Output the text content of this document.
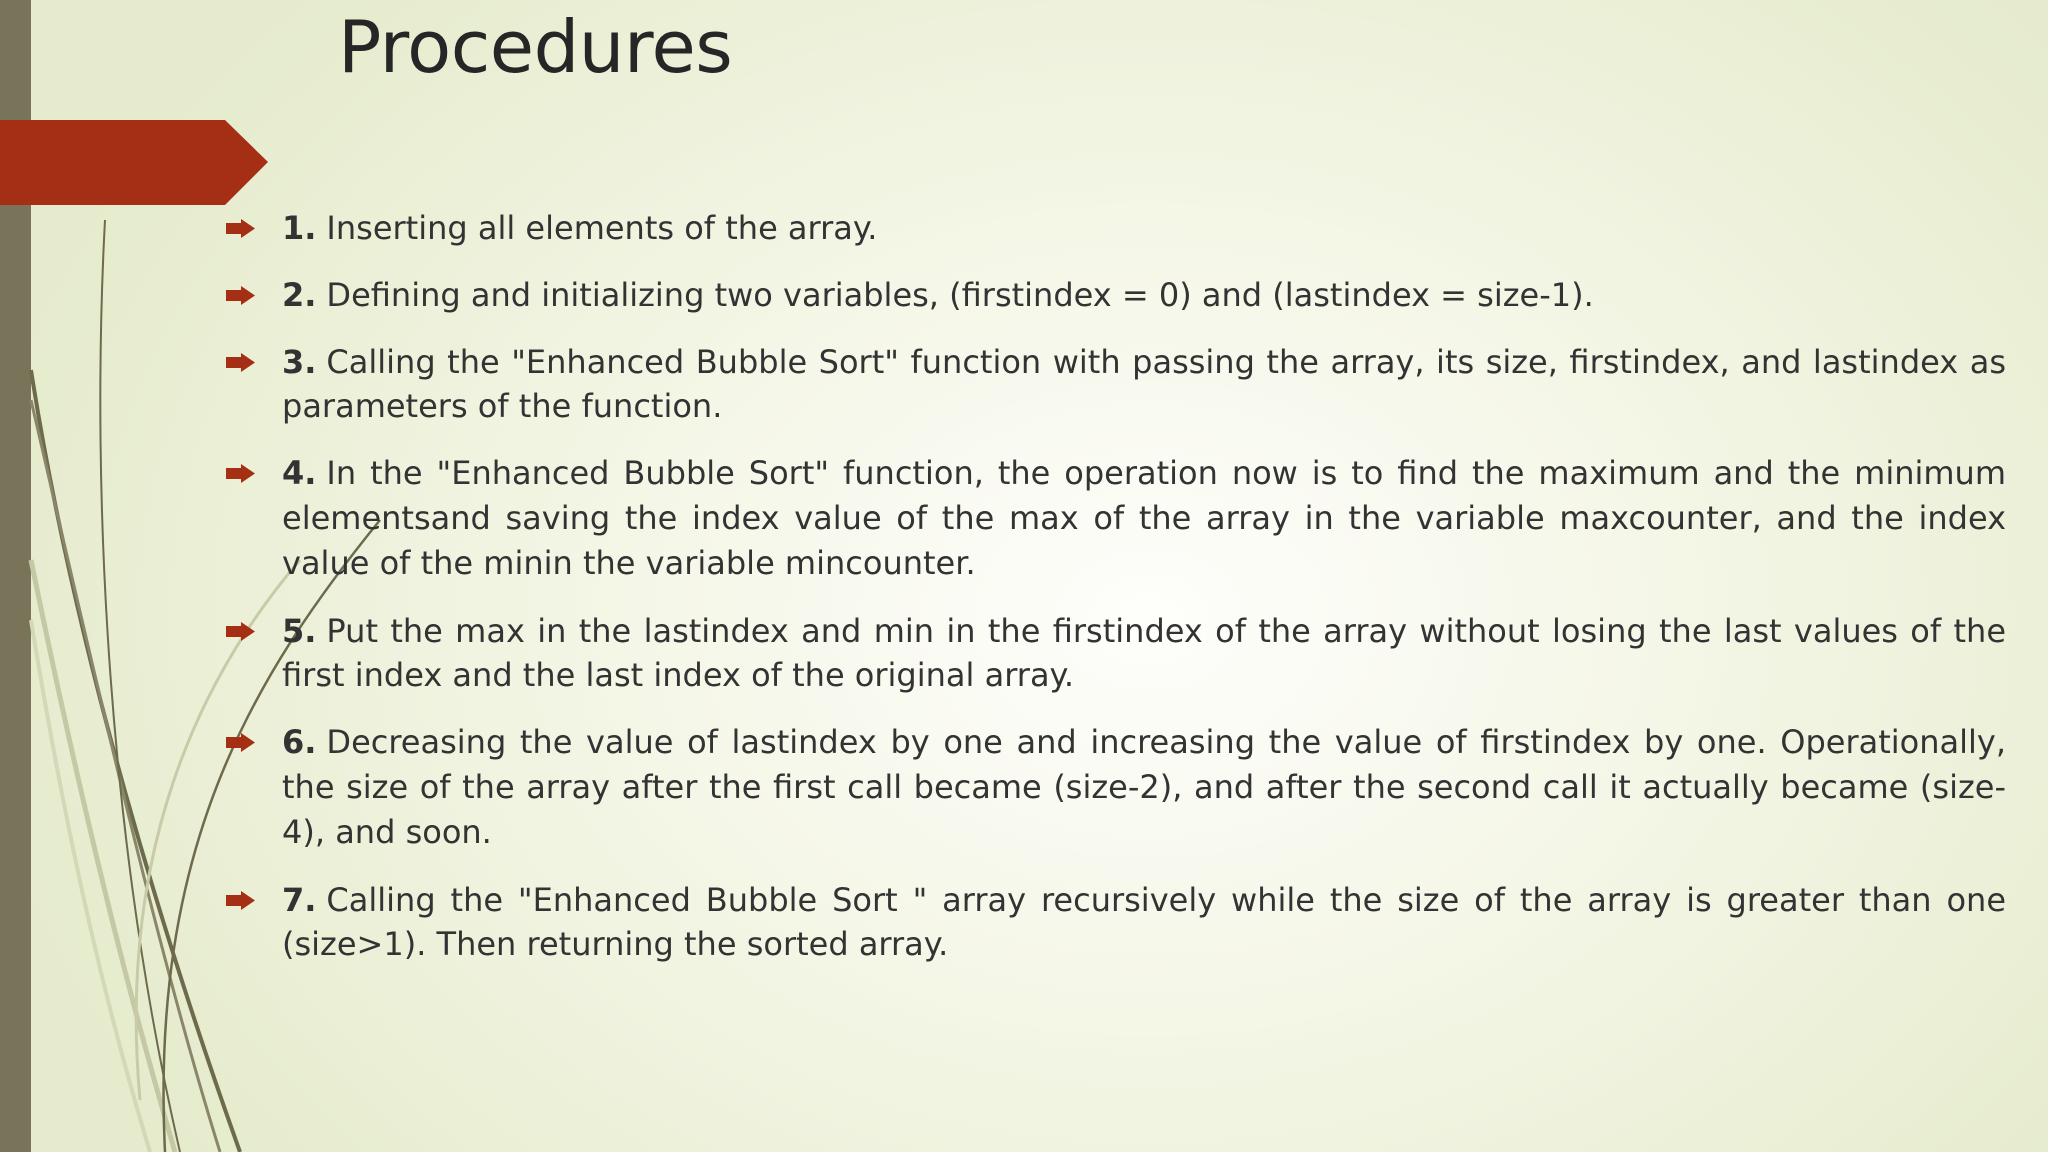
Procedures
1. Inserting all elements of the array.
2. Defining and initializing two variables, (firstindex = 0) and (lastindex = size-1).
3. Calling the "Enhanced Bubble Sort" function with passing the array, its size, firstindex, and lastindex as parameters of the function.
4. In the "Enhanced Bubble Sort" function, the operation now is to find the maximum and the minimum elementsand saving the index value of the max of the array in the variable maxcounter, and the index value of the minin the variable mincounter.
5. Put the max in the lastindex and min in the firstindex of the array without losing the last values of the first index and the last index of the original array.
6. Decreasing the value of lastindex by one and increasing the value of firstindex by one. Operationally, the size of the array after the first call became (size-2), and after the second call it actually became (size-4), and soon.
7. Calling the "Enhanced Bubble Sort " array recursively while the size of the array is greater than one (size>1). Then returning the sorted array.
